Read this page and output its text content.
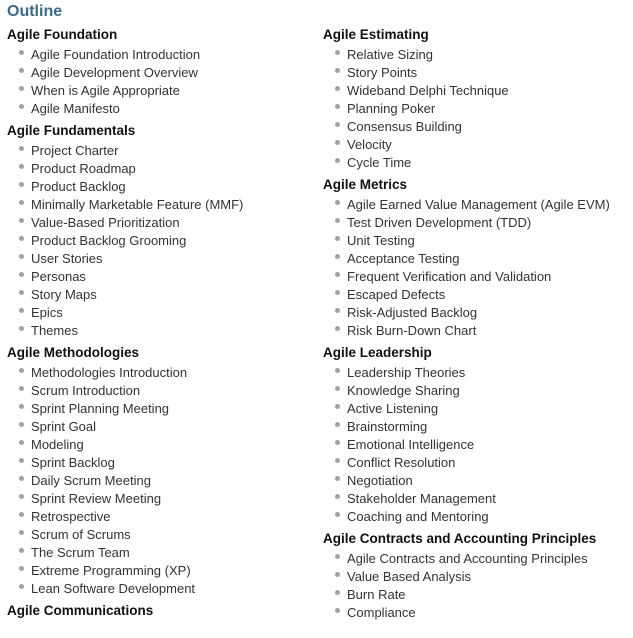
Outline
Agile Foundation
Agile Foundation Introduction
Agile Development Overview
When is Agile Appropriate
Agile Manifesto
Agile Fundamentals
Project Charter
Product Roadmap
Product Backlog
Minimally Marketable Feature (MMF)
Value-Based Prioritization
Product Backlog Grooming
User Stories
Personas
Story Maps
Epics
Themes
Agile Methodologies
Methodologies Introduction
Scrum Introduction
Sprint Planning Meeting
Sprint Goal
Modeling
Sprint Backlog
Daily Scrum Meeting
Sprint Review Meeting
Retrospective
Scrum of Scrums
The Scrum Team
Extreme Programming (XP)
Lean Software Development
Agile Communications
Agile Estimating
Relative Sizing
Story Points
Wideband Delphi Technique
Planning Poker
Consensus Building
Velocity
Cycle Time
Agile Metrics
Agile Earned Value Management (Agile EVM)
Test Driven Development (TDD)
Unit Testing
Acceptance Testing
Frequent Verification and Validation
Escaped Defects
Risk-Adjusted Backlog
Risk Burn-Down Chart
Agile Leadership
Leadership Theories
Knowledge Sharing
Active Listening
Brainstorming
Emotional Intelligence
Conflict Resolution
Negotiation
Stakeholder Management
Coaching and Mentoring
Agile Contracts and Accounting Principles
Agile Contracts and Accounting Principles
Value Based Analysis
Burn Rate
Compliance
